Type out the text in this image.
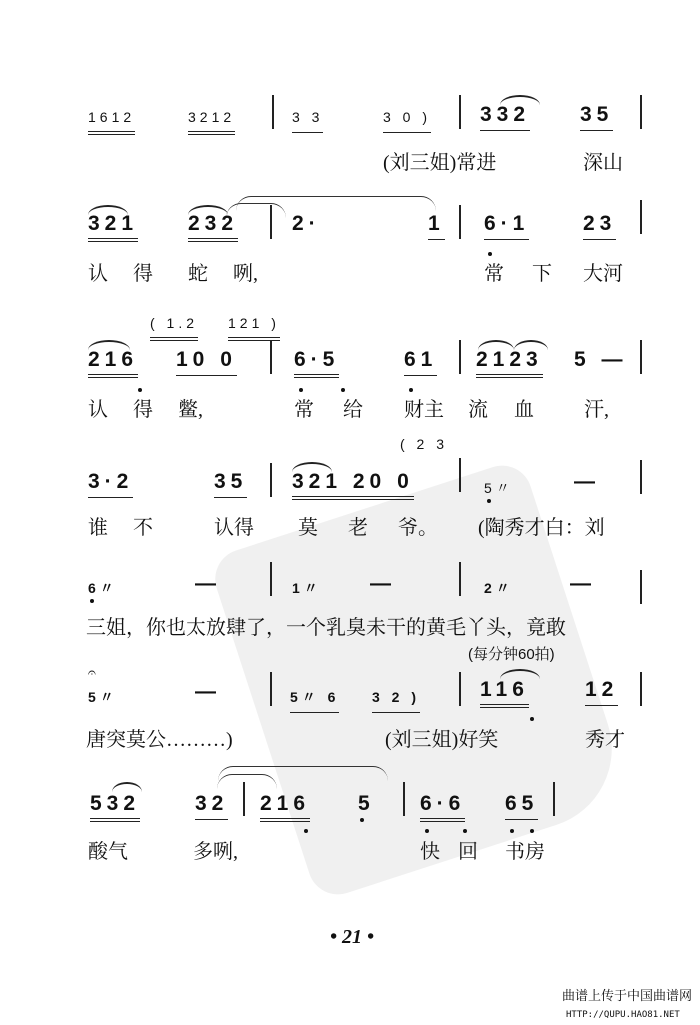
1612	3212	3 3	3 0 ) 332 35
(刘三姐)常进	深山
321 232	2·	1 6·1	23
认 得 蛇 咧,	常 下 大河
( 1.2 121 )
216 10 0	6·5	61 2123 5 —
认 得 鳖,	常 给 财主 流 血	汗,
( 2 3
3·2	35 321 20 0	5〃	—
谁 不	认得 莫 老 爷。 (陶秀才白：刘
6〃	—	1〃 —	2〃	—
三姐，你也太放肆了，一个乳臭未干的黄毛丫头，竟敢
(每分钟60拍)
𝄐
5〃	—	5〃 6 3 2 )	116	12
唐突莫公………)	(刘三姐)好笑	秀才
532	32 216 5 6·6 65
酸气	多咧,	快 回 书房
• 21 •
曲谱上传于中国曲谱网
HTTP://QUPU.HAO81.NET
